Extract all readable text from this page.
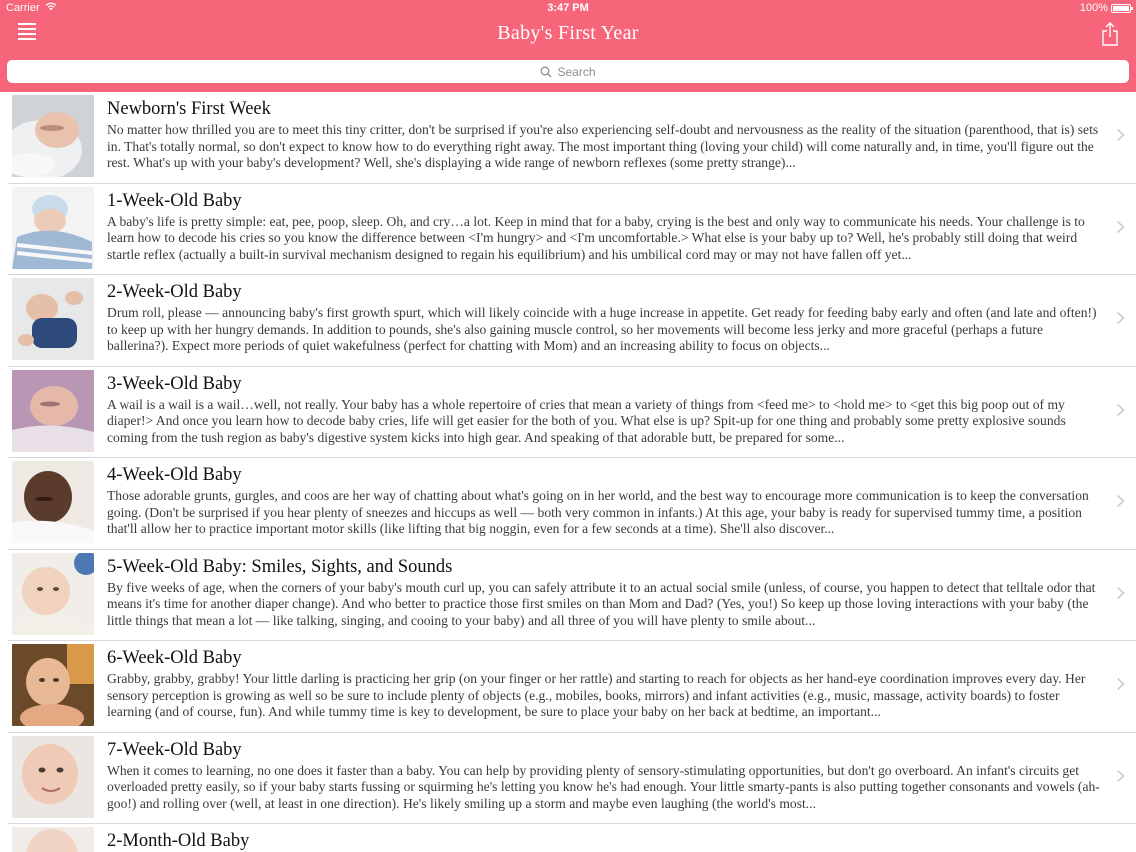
Carrier	3:47 PM	100%
Baby's First Year
Search
Newborn's First Week
No matter how thrilled you are to meet this tiny critter, don't be surprised if you're also experiencing self-doubt and nervousness as the reality of the situation (parenthood, that is) sets in. That's totally normal, so don't expect to know how to do everything right away. The most important thing (loving your child) will come naturally and, in time, you'll figure out the rest. What's up with your baby's development? Well, she's displaying a wide range of newborn reflexes (some pretty strange)...
1-Week-Old Baby
A baby's life is pretty simple: eat, pee, poop, sleep. Oh, and cry…a lot. Keep in mind that for a baby, crying is the best and only way to communicate his needs. Your challenge is to learn how to decode his cries so you know the difference between <I'm hungry> and <I'm uncomfortable.> What else is your baby up to? Well, he's probably still doing that weird startle reflex (actually a built-in survival mechanism designed to regain his equilibrium) and his umbilical cord may or may not have fallen off yet...
2-Week-Old Baby
Drum roll, please — announcing baby's first growth spurt, which will likely coincide with a huge increase in appetite. Get ready for feeding baby early and often (and late and often!) to keep up with her hungry demands. In addition to pounds, she's also gaining muscle control, so her movements will become less jerky and more graceful (perhaps a future ballerina?). Expect more periods of quiet wakefulness (perfect for chatting with Mom) and an increasing ability to focus on objects...
3-Week-Old Baby
A wail is a wail is a wail…well, not really. Your baby has a whole repertoire of cries that mean a variety of things from <feed me> to <hold me> to <get this big poop out of my diaper!> And once you learn how to decode baby cries, life will get easier for the both of you. What else is up? Spit-up for one thing and probably some pretty explosive sounds coming from the tush region as baby's digestive system kicks into high gear. And speaking of that adorable butt, be prepared for some...
4-Week-Old Baby
Those adorable grunts, gurgles, and coos are her way of chatting about what's going on in her world, and the best way to encourage more communication is to keep the conversation going. (Don't be surprised if you hear plenty of sneezes and hiccups as well — both very common in infants.) At this age, your baby is ready for supervised tummy time, a position that'll allow her to practice important motor skills (like lifting that big noggin, even for a few seconds at a time). She'll also discover...
5-Week-Old Baby: Smiles, Sights, and Sounds
By five weeks of age, when the corners of your baby's mouth curl up, you can safely attribute it to an actual social smile (unless, of course, you happen to detect that telltale odor that means it's time for another diaper change). And who better to practice those first smiles on than Mom and Dad? (Yes, you!) So keep up those loving interactions with your baby (the little things that mean a lot — like talking, singing, and cooing to your baby) and all three of you will have plenty to smile about...
6-Week-Old Baby
Grabby, grabby, grabby! Your little darling is practicing her grip (on your finger or her rattle) and starting to reach for objects as her hand-eye coordination improves every day. Her sensory perception is growing as well so be sure to include plenty of objects (e.g., mobiles, books, mirrors) and infant activities (e.g., music, massage, activity boards) to foster learning (and of course, fun). And while tummy time is key to development, be sure to place your baby on her back at bedtime, an important...
7-Week-Old Baby
When it comes to learning, no one does it faster than a baby. You can help by providing plenty of sensory-stimulating opportunities, but don't go overboard. An infant's circuits get overloaded pretty easily, so if your baby starts fussing or squirming he's letting you know he's had enough. Your little smarty-pants is also putting together consonants and vowels (ah-goo!) and rolling over (well, at least in one direction). He's likely smiling up a storm and maybe even laughing (the world's most...
2-Month-Old Baby
